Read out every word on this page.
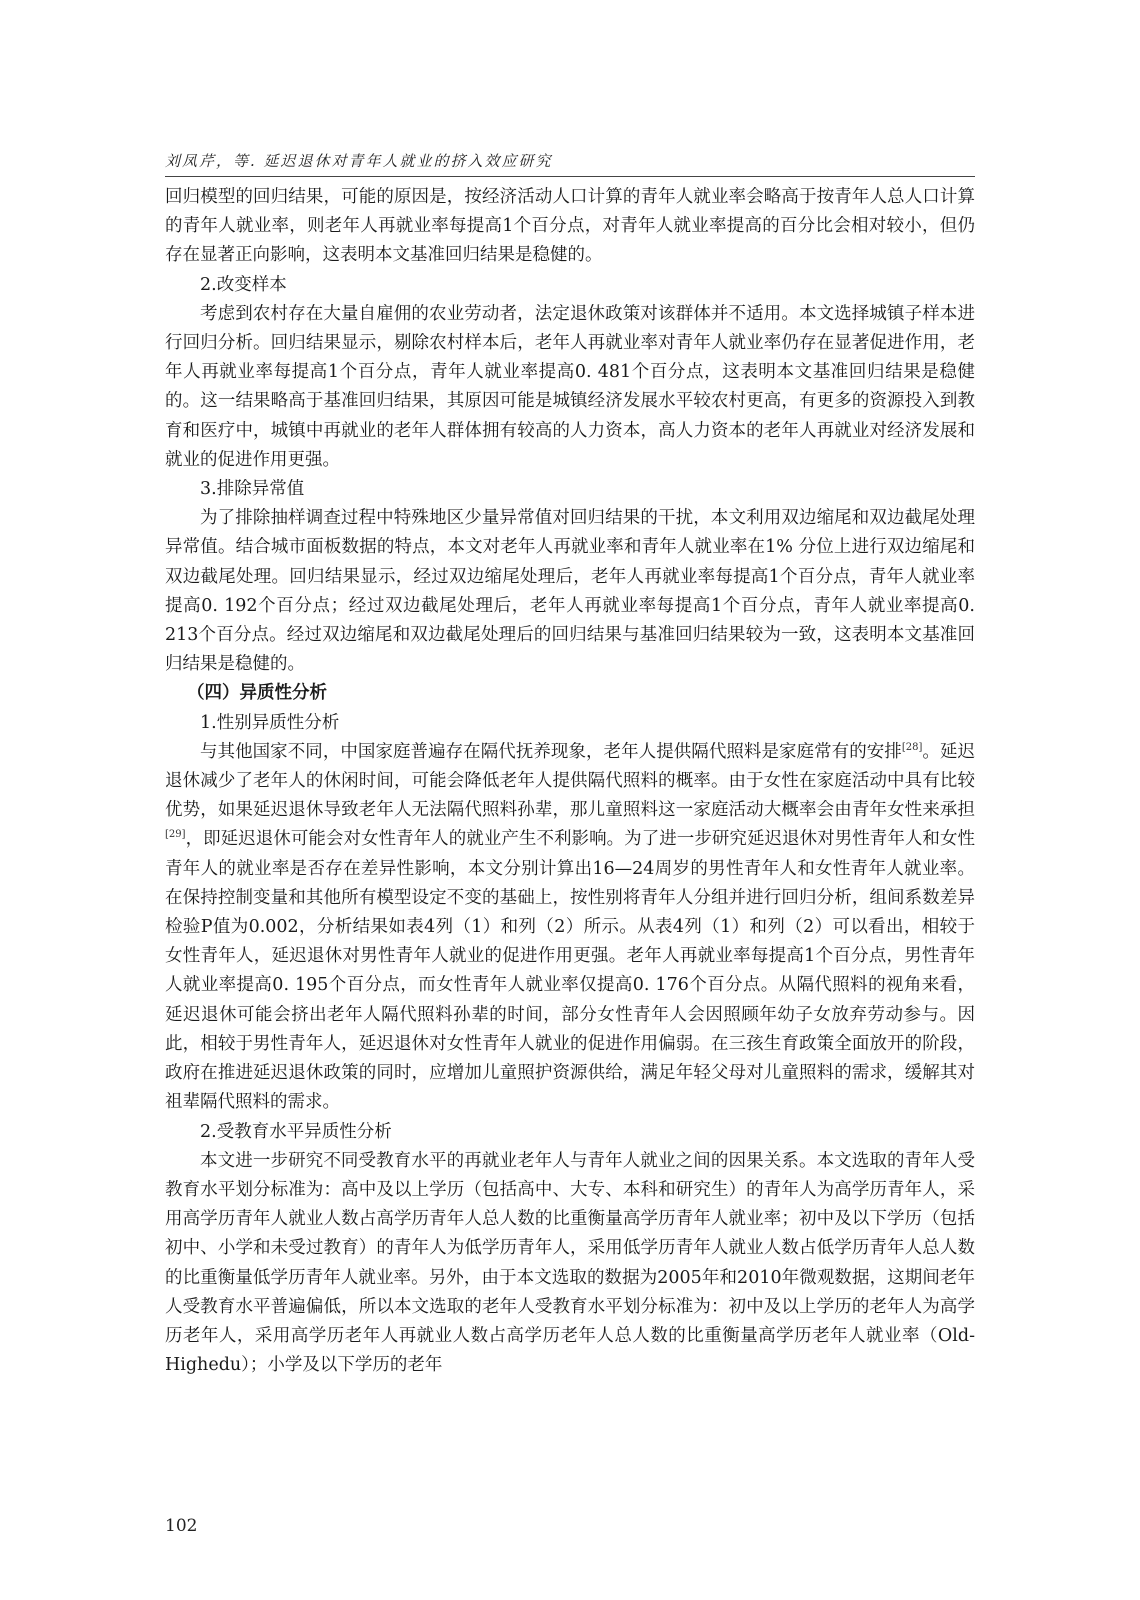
刘凤芹，等. 延迟退休对青年人就业的挤入效应研究

回归模型的回归结果，可能的原因是，按经济活动人口计算的青年人就业率会略高于按青年人总人口计算的青年人就业率，则老年人再就业率每提高1个百分点，对青年人就业率提高的百分比会相对较小，但仍存在显著正向影响，这表明本文基准回归结果是稳健的。

2.改变样本

考虑到农村存在大量自雇佣的农业劳动者，法定退休政策对该群体并不适用。本文选择城镇子样本进行回归分析。回归结果显示，剔除农村样本后，老年人再就业率对青年人就业率仍存在显著促进作用，老年人再就业率每提高1个百分点，青年人就业率提高0. 481个百分点，这表明本文基准回归结果是稳健的。这一结果略高于基准回归结果，其原因可能是城镇经济发展水平较农村更高，有更多的资源投入到教育和医疗中，城镇中再就业的老年人群体拥有较高的人力资本，高人力资本的老年人再就业对经济发展和就业的促进作用更强。

3.排除异常值

为了排除抽样调查过程中特殊地区少量异常值对回归结果的干扰，本文利用双边缩尾和双边截尾处理异常值。结合城市面板数据的特点，本文对老年人再就业率和青年人就业率在1% 分位上进行双边缩尾和双边截尾处理。回归结果显示，经过双边缩尾处理后，老年人再就业率每提高1个百分点，青年人就业率提高0. 192个百分点；经过双边截尾处理后，老年人再就业率每提高1个百分点，青年人就业率提高0. 213个百分点。经过双边缩尾和双边截尾处理后的回归结果与基准回归结果较为一致，这表明本文基准回归结果是稳健的。

（四）异质性分析
1.性别异质性分析

与其他国家不同，中国家庭普遍存在隔代抚养现象，老年人提供隔代照料是家庭常有的安排[28]。延迟退休减少了老年人的休闲时间，可能会降低老年人提供隔代照料的概率。由于女性在家庭活动中具有比较优势，如果延迟退休导致老年人无法隔代照料孙辈，那儿童照料这一家庭活动大概率会由青年女性来承担[29]，即延迟退休可能会对女性青年人的就业产生不利影响。为了进一步研究延迟退休对男性青年人和女性青年人的就业率是否存在差异性影响，本文分别计算出16—24周岁的男性青年人和女性青年人就业率。在保持控制变量和其他所有模型设定不变的基础上，按性别将青年人分组并进行回归分析，组间系数差异检验P值为0.002，分析结果如表4列（1）和列（2）所示。从表4列（1）和列（2）可以看出，相较于女性青年人，延迟退休对男性青年人就业的促进作用更强。老年人再就业率每提高1个百分点，男性青年人就业率提高0. 195个百分点，而女性青年人就业率仅提高0. 176个百分点。从隔代照料的视角来看，延迟退休可能会挤出老年人隔代照料孙辈的时间，部分女性青年人会因照顾年幼子女放弃劳动参与。因此，相较于男性青年人，延迟退休对女性青年人就业的促进作用偏弱。在三孩生育政策全面放开的阶段，政府在推进延迟退休政策的同时，应增加儿童照护资源供给，满足年轻父母对儿童照料的需求，缓解其对祖辈隔代照料的需求。

2.受教育水平异质性分析

本文进一步研究不同受教育水平的再就业老年人与青年人就业之间的因果关系。本文选取的青年人受教育水平划分标准为：高中及以上学历（包括高中、大专、本科和研究生）的青年人为高学历青年人，采用高学历青年人就业人数占高学历青年人总人数的比重衡量高学历青年人就业率；初中及以下学历（包括初中、小学和未受过教育）的青年人为低学历青年人，采用低学历青年人就业人数占低学历青年人总人数的比重衡量低学历青年人就业率。另外，由于本文选取的数据为2005年和2010年微观数据，这期间老年人受教育水平普遍偏低，所以本文选取的老年人受教育水平划分标准为：初中及以上学历的老年人为高学历老年人，采用高学历老年人再就业人数占高学历老年人总人数的比重衡量高学历老年人就业率（Old-Highedu）；小学及以下学历的老年

102
